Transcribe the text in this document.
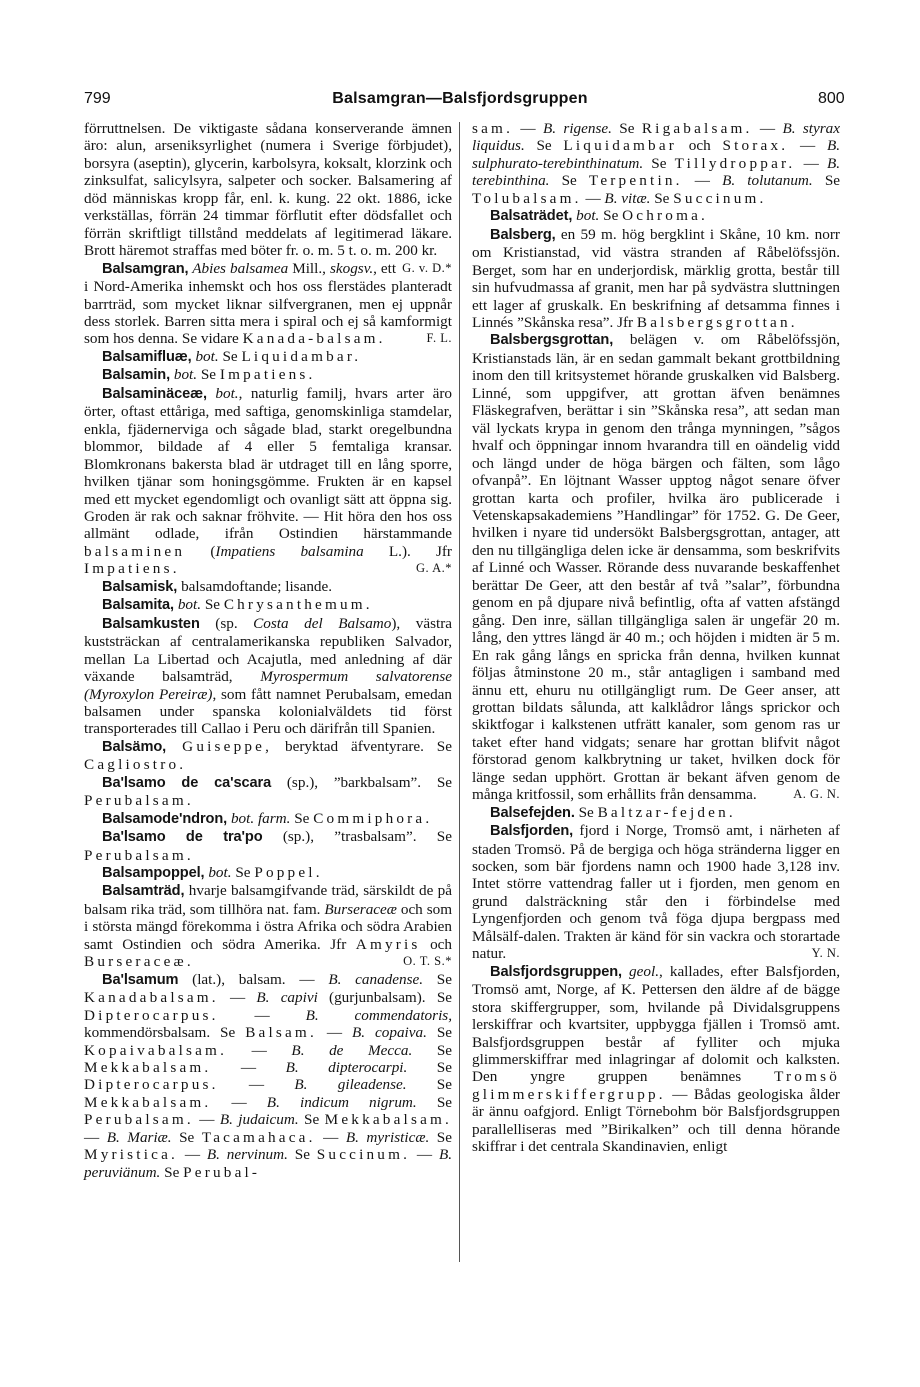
799	Balsamgran—Balsfjordsgruppen	800

förruttnelsen. De viktigaste sådana konserverande ämnen äro: alun, arseniksyrlighet (numera i Sverige förbjudet), borsyra (aseptin), glycerin, karbolsyra, koksalt, klorzink och zinksulfat, salicylsyra, salpeter och socker. Balsamering af död människas kropp får, enl. k. kung. 22 okt. 1886, icke verkställas, förrän 24 timmar förflutit efter dödsfallet och förrän skriftligt tillstånd meddelats af legitimerad läkare. Brott häremot straffas med böter fr. o. m. 5 t. o. m. 200 kr.
G. v. D.*

Balsamgran, Abies balsamea Mill., skogsv., ett i Nord-Amerika inhemskt och hos oss flerstädes planteradt barrträd, som mycket liknar silfvergranen, men ej uppnår dess storlek. Barren sitta mera i spiral och ej så kamformigt som hos denna. Se vidare Kanada-balsam.	F. L.

Balsamifluæ, bot. Se Liquidambar.

Balsamin, bot. Se Impatiens.

Balsaminäceæ, bot., naturlig familj, hvars arter äro örter, oftast ettåriga, med saftiga, genomskinliga stamdelar, enkla, fjädernerviga och sågade blad, starkt oregelbundna blommor, bildade af 4 eller 5 femtaliga kransar. Blomkronans bakersta blad är utdraget till en lång sporre, hvilken tjänar som honingsgömme. Frukten är en kapsel med ett mycket egendomligt och ovanligt sätt att öppna sig. Groden är rak och saknar fröhvite. — Hit höra den hos oss allmänt odlade, ifrån Ostindien härstammande balsaminen (Impatiens balsamina L.). Jfr Impatiens.	G. A.*

Balsamisk, balsamdoftande; lisande.

Balsamita, bot. Se Chrysanthemum.

Balsamkusten (sp. Costa del Balsamo), västra kuststräckan af centralamerikanska republiken Salvador, mellan La Libertad och Acajutla, med anledning af där växande balsamträd, Myrospermum salvatorense (Myroxylon Pereiræ), som fått namnet Perubalsam, emedan balsamen under spanska kolonialväldets tid först transporterades till Callao i Peru och därifrån till Spanien.

Balsämo, Guiseppe, beryktad äfventyrare. Se Cagliostro.

Ba'lsamo de ca'scara (sp.), ”barkbalsam”. Se Perubalsam.

Balsamode'ndron, bot. farm. Se Commiphora.

Ba'lsamo de tra'po (sp.), ”trasbalsam”. Se Perubalsam.

Balsampoppel, bot. Se Poppel.

Balsamträd, hvarje balsamgifvande träd, särskildt de på balsam rika träd, som tillhöra nat. fam. Burseraceæ och som i största mängd förekomma i östra Afrika och södra Arabien samt Ostindien och södra Amerika. Jfr Amyris och Burseraceæ.	O. T. S.*

Ba'lsamum (lat.), balsam. — B. canadense. Se Kanadabalsam. — B. capivi (gurjunbalsam). Se Dipterocarpus. — B. commendatoris, kommendörsbalsam. Se Balsam. — B. copaiva. Se Kopaivabalsam. — B. de Mecca. Se Mekkabalsam. — B. dipterocarpi. Se Dipterocarpus. — B. gileadense. Se Mekkabalsam. — B. indicum nigrum. Se Perubalsam. — B. judaicum. Se Mekkabalsam. — B. Mariæ. Se Tacamahaca. — B. myristicæ. Se Myristica. — B. nervinum. Se Succinum. — B. peruviänum. Se Perubal-

sam. — B. rigense. Se Rigabalsam. — B. styrax liquidus. Se Liquidambar och Storax. — B. sulphurato-terebinthinatum. Se Tillydroppar. — B. terebinthina. Se Terpentin. — B. tolutanum. Se Tolubalsam. — B. vitæ. Se Succinum.

Balsaträdet, bot. Se Ochroma.

Balsberg, en 59 m. hög bergklint i Skåne, 10 km. norr om Kristianstad, vid västra stranden af Råbelöfssjön. Berget, som har en underjordisk, märklig grotta, består till sin hufvudmassa af granit, men har på sydvästra sluttningen ett lager af gruskalk. En beskrifning af detsamma finnes i Linnés ”Skånska resa”. Jfr Balsbergsgrottan.

Balsbergsgrottan, belägen v. om Råbelöfssjön, Kristianstads län, är en sedan gammalt bekant grottbildning inom den till kritsystemet hörande gruskalken vid Balsberg. Linné, som uppgifver, att grottan äfven benämnes Fläskegrafven, berättar i sin ”Skånska resa”, att sedan man väl lyckats krypa in genom den trånga mynningen, ”sågos hvalf och öppningar innom hvarandra till en oändelig vidd och längd under de höga bärgen och fälten, som lågo ofvanpå”. En löjtnant Wasser upptog något senare öfver grottan karta och profiler, hvilka äro publicerade i Vetenskapsakademiens ”Handlingar” för 1752. G. De Geer, hvilken i nyare tid undersökt Balsbergsgrottan, antager, att den nu tillgängliga delen icke är densamma, som beskrifvits af Linné och Wasser. Rörande dess nuvarande beskaffenhet berättar De Geer, att den består af två ”salar”, förbundna genom en på djupare nivå befintlig, ofta af vatten afstängd gång. Den inre, sällan tillgängliga salen är ungefär 20 m. lång, den yttres längd är 40 m.; och höjden i midten är 5 m. En rak gång långs en spricka från denna, hvilken kunnat följas åtminstone 20 m., står antagligen i samband med ännu ett, ehuru nu otillgängligt rum. De Geer anser, att grottan bildats sålunda, att kalklådror långs sprickor och skiktfogar i kalkstenen utfrätt kanaler, som genom ras ur taket efter hand vidgats; senare har grottan blifvit något förstorad genom kalkbrytning ur taket, hvilken dock för länge sedan upphört. Grottan är bekant äfven genom de många kritfossil, som erhållits från densamma.	A. G. N.

Balsefejden. Se Baltzar-fejden.

Balsfjorden, fjord i Norge, Tromsö amt, i närheten af staden Tromsö. På de bergiga och höga stränderna ligger en socken, som bär fjordens namn och 1900 hade 3,128 inv. Intet större vattendrag faller ut i fjorden, men genom en grund dalsträckning står den i förbindelse med Lyngenfjorden och genom två föga djupa bergpass med Målsälf-dalen. Trakten är känd för sin vackra och storartade natur.	Y. N.

Balsfjordsgruppen, geol., kallades, efter Balsfjorden, Tromsö amt, Norge, af K. Pettersen den äldre af de bägge stora skiffergrupper, som, hvilande på Dividalsgruppens lerskiffrar och kvartsiter, uppbygga fjällen i Tromsö amt. Balsfjordsgruppen består af fylliter och mjuka glimmerskiffrar med inlagringar af dolomit och kalksten. Den yngre gruppen benämnes Tromsö glimmerskiffergrupp. — Bådas geologiska ålder är ännu oafgjord. Enligt Törnebohm bör Balsfjordsgruppen parallelliseras med ”Birikalken” och till denna hörande skiffrar i det centrala Skandinavien, enligt
